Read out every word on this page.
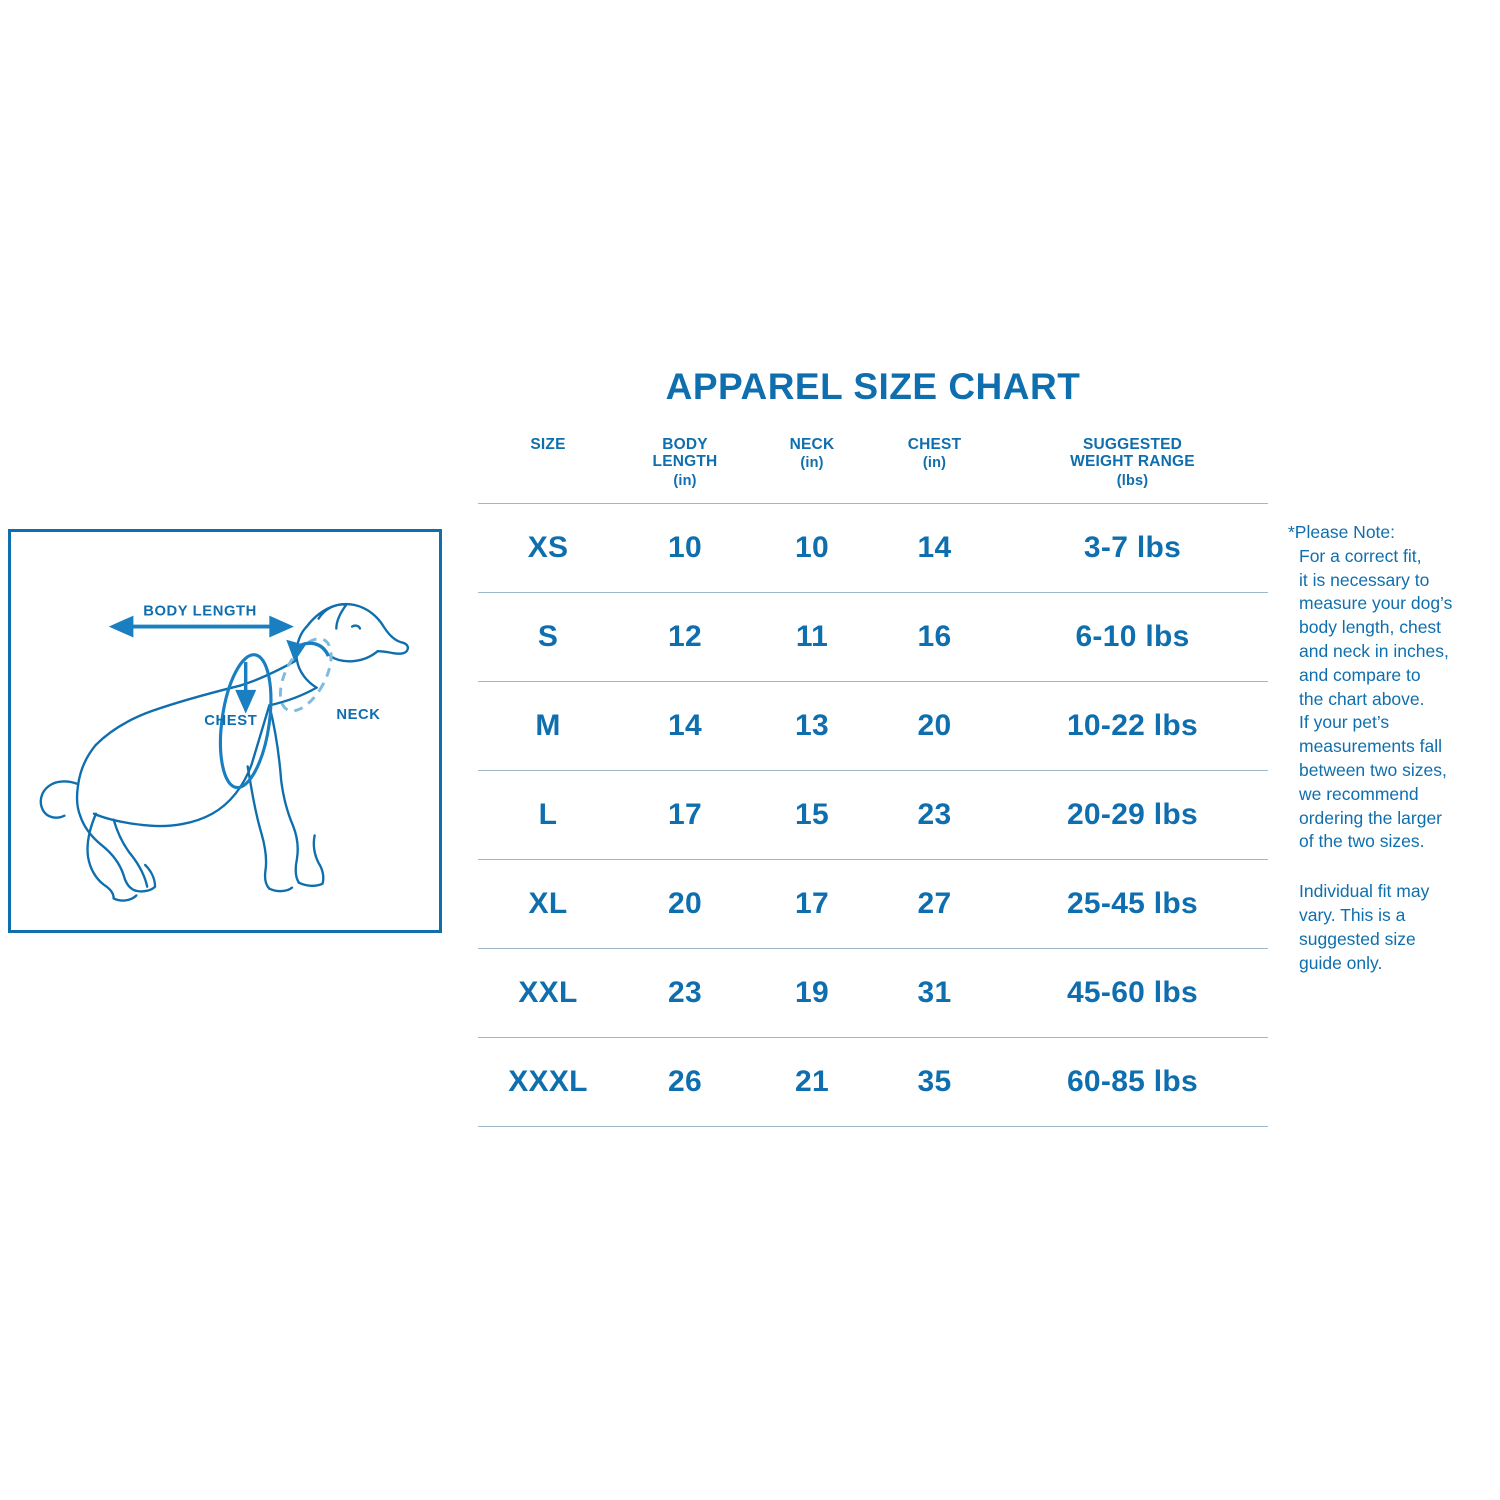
BODY LENGTH
NECK
CHEST
APPAREL SIZE CHART
SIZE	BODY
LENGTH
(in)	NECK
(in)	CHEST
(in)	SUGGESTED
WEIGHT RANGE
(lbs)

XS	10	10	14	3-7 lbs
S	12	11	16	6-10 lbs
M	14	13	20	10-22 lbs
L	17	15	23	20-29 lbs
XL	20	17	27	25-45 lbs
XXL	23	19	31	45-60 lbs
XXXL	26	21	35	60-85 lbs

*Please Note:
For a correct fit,
it is necessary to
measure your dog’s
body length, chest
and neck in inches,
and compare to
the chart above.
If your pet’s
measurements fall
between two sizes,
we recommend
ordering the larger
of the two sizes.

Individual fit may
vary. This is a
suggested size
guide only.
